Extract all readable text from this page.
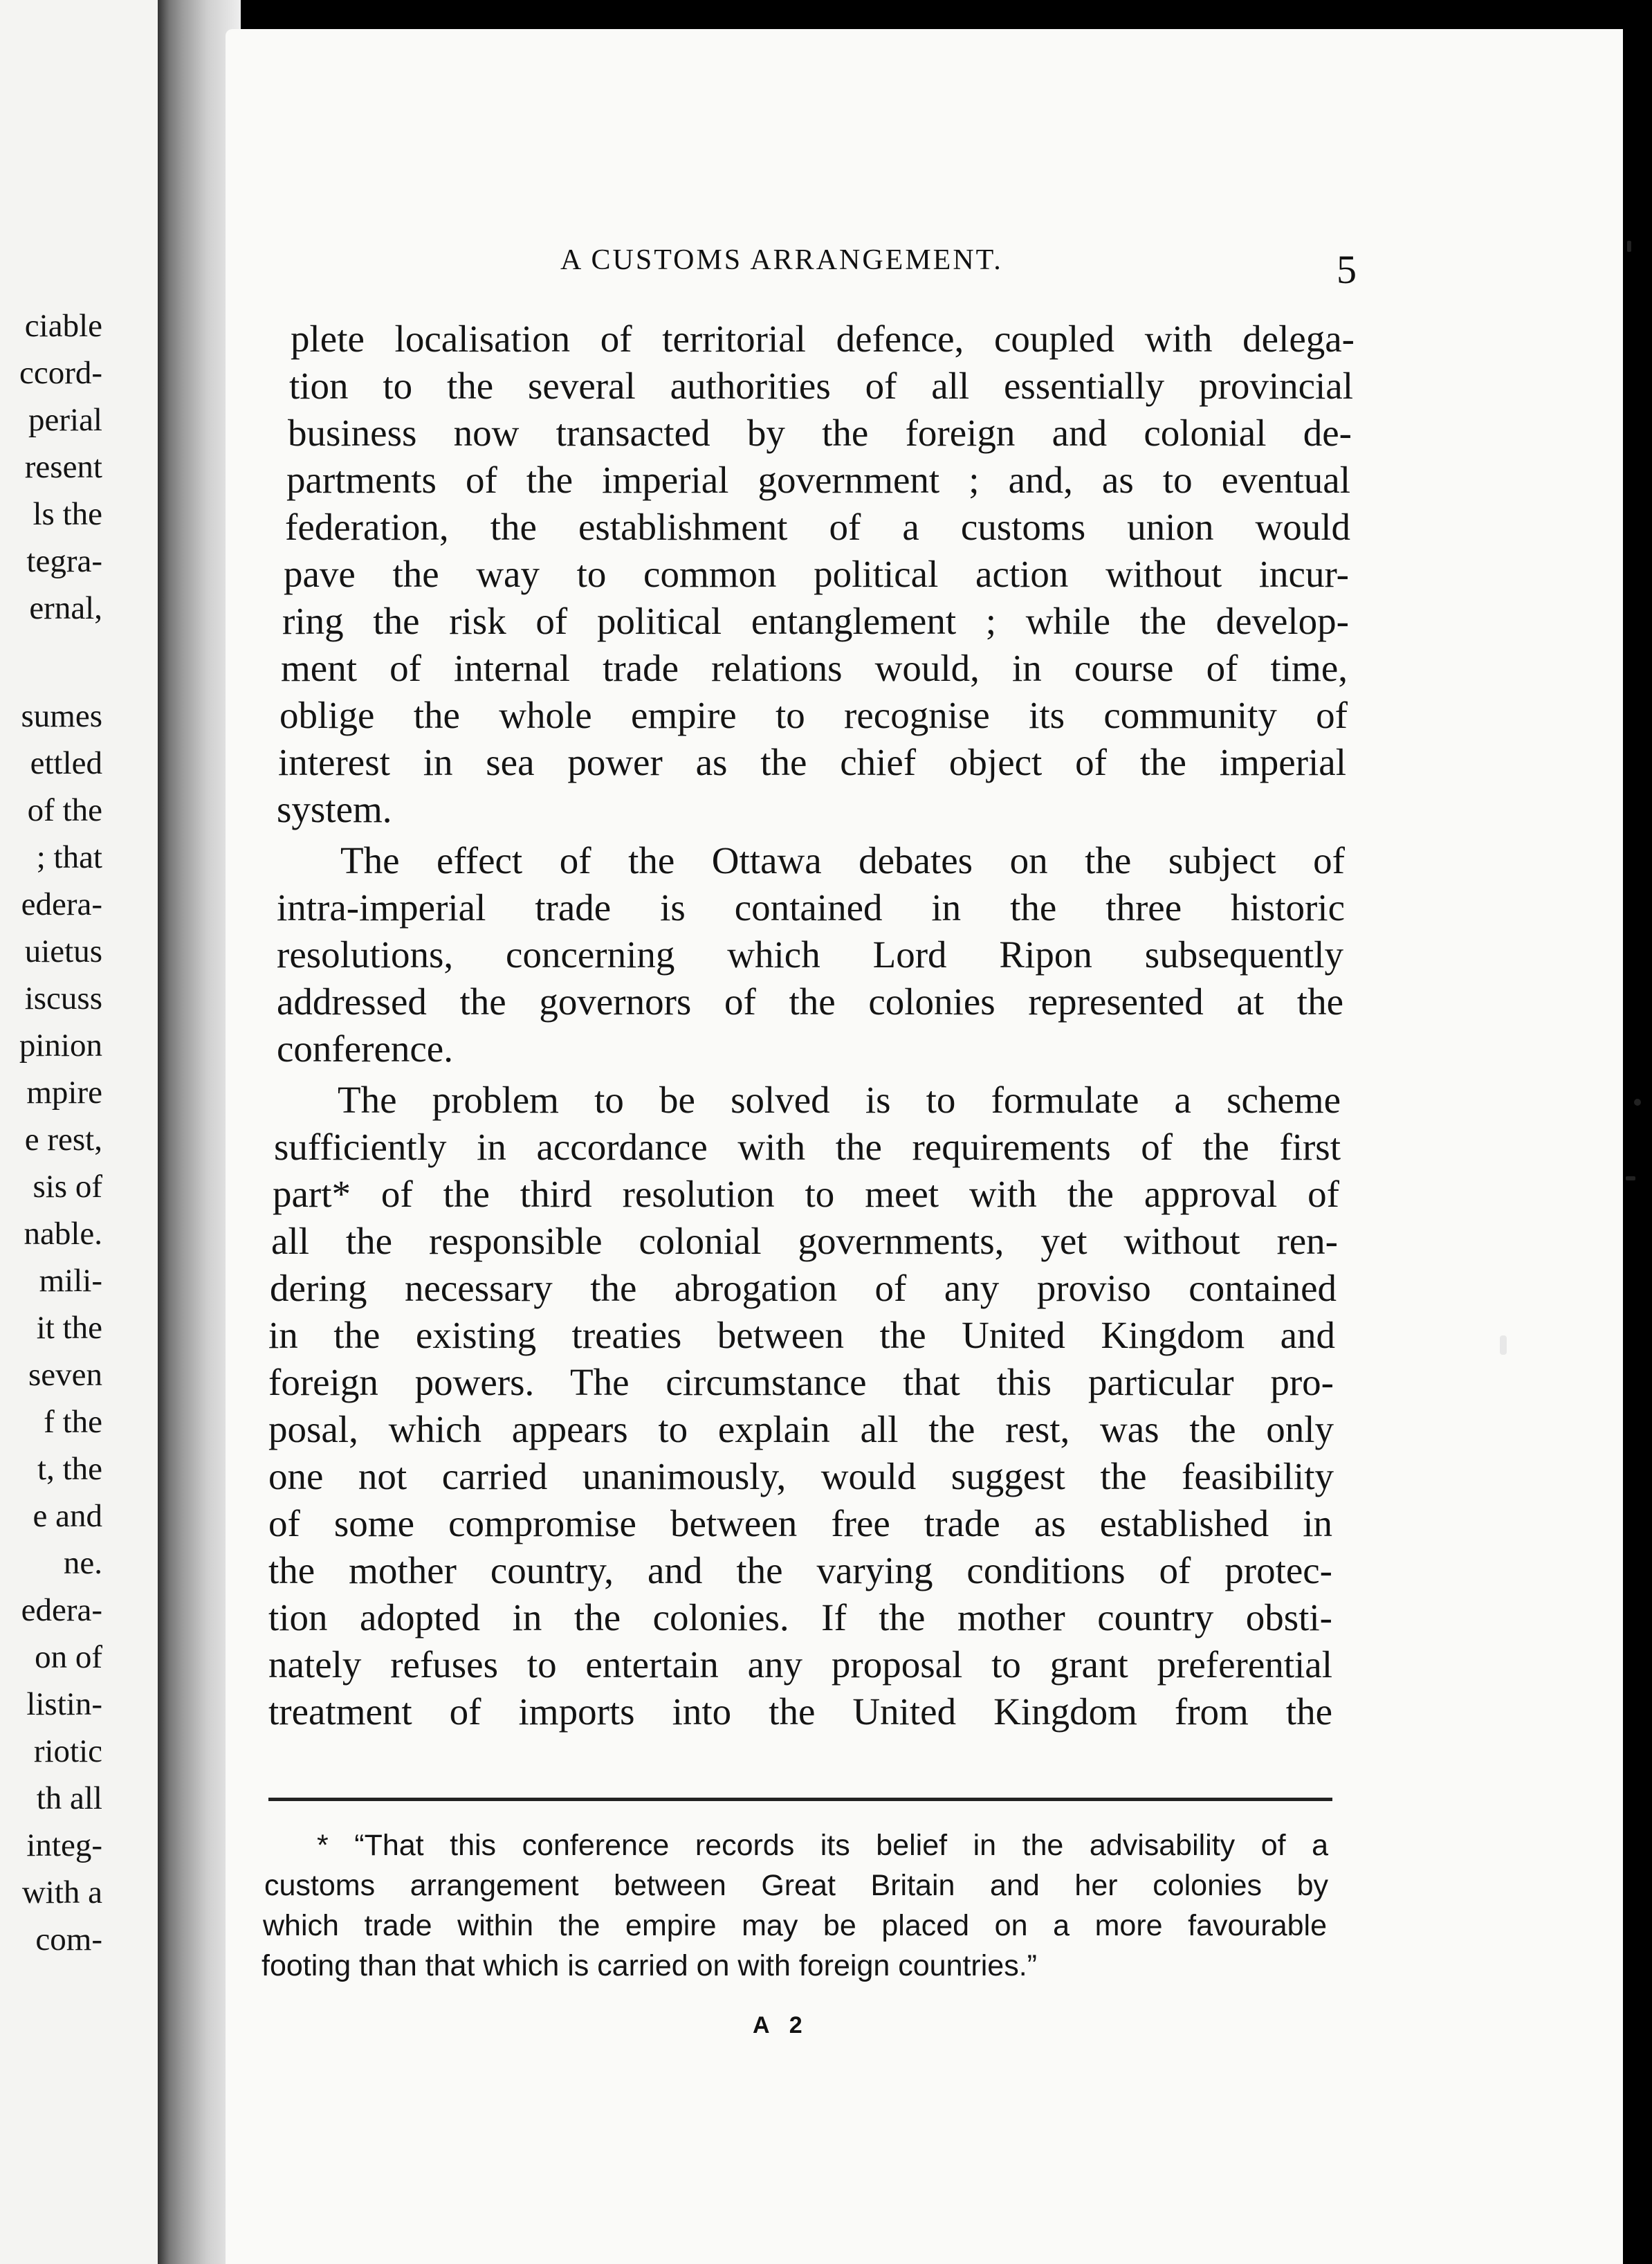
ciable
ccord-
perial
resent
ls the
tegra-
ernal,
sumes
ettled
of the
; that
edera-
uietus
iscuss
pinion
mpire
e rest,
sis of
nable.
mili-
it the
seven
f the
t, the
e and
ne.
edera-
on of
listin-
riotic
th all
integ-
with a
com-
A CUSTOMS ARRANGEMENT.	5
plete localisation of territorial defence, coupled with delega-
tion to the several authorities of all essentially provincial
business now transacted by the foreign and colonial de-
partments of the imperial government ; and, as to eventual
federation, the establishment of a customs union would
pave the way to common political action without incur-
ring the risk of political entanglement ; while the develop-
ment of internal trade relations would, in course of time,
oblige the whole empire to recognise its community of
interest in sea power as the chief object of the imperial
system.
The effect of the Ottawa debates on the subject of
intra-imperial trade is contained in the three historic
resolutions, concerning which Lord Ripon subsequently
addressed the governors of the colonies represented at the
conference.
The problem to be solved is to formulate a scheme
sufficiently in accordance with the requirements of the first
part* of the third resolution to meet with the approval of
all the responsible colonial governments, yet without ren-
dering necessary the abrogation of any proviso contained
in the existing treaties between the United Kingdom and
foreign powers. The circumstance that this particular pro-
posal, which appears to explain all the rest, was the only
one not carried unanimously, would suggest the feasibility
of some compromise between free trade as established in
the mother country, and the varying conditions of protec-
tion adopted in the colonies. If the mother country obsti-
nately refuses to entertain any proposal to grant preferential
treatment of imports into the United Kingdom from the
* “That this conference records its belief in the advisability of a
customs arrangement between Great Britain and her colonies by
which trade within the empire may be placed on a more favourable
footing than that which is carried on with foreign countries.”
A 2
